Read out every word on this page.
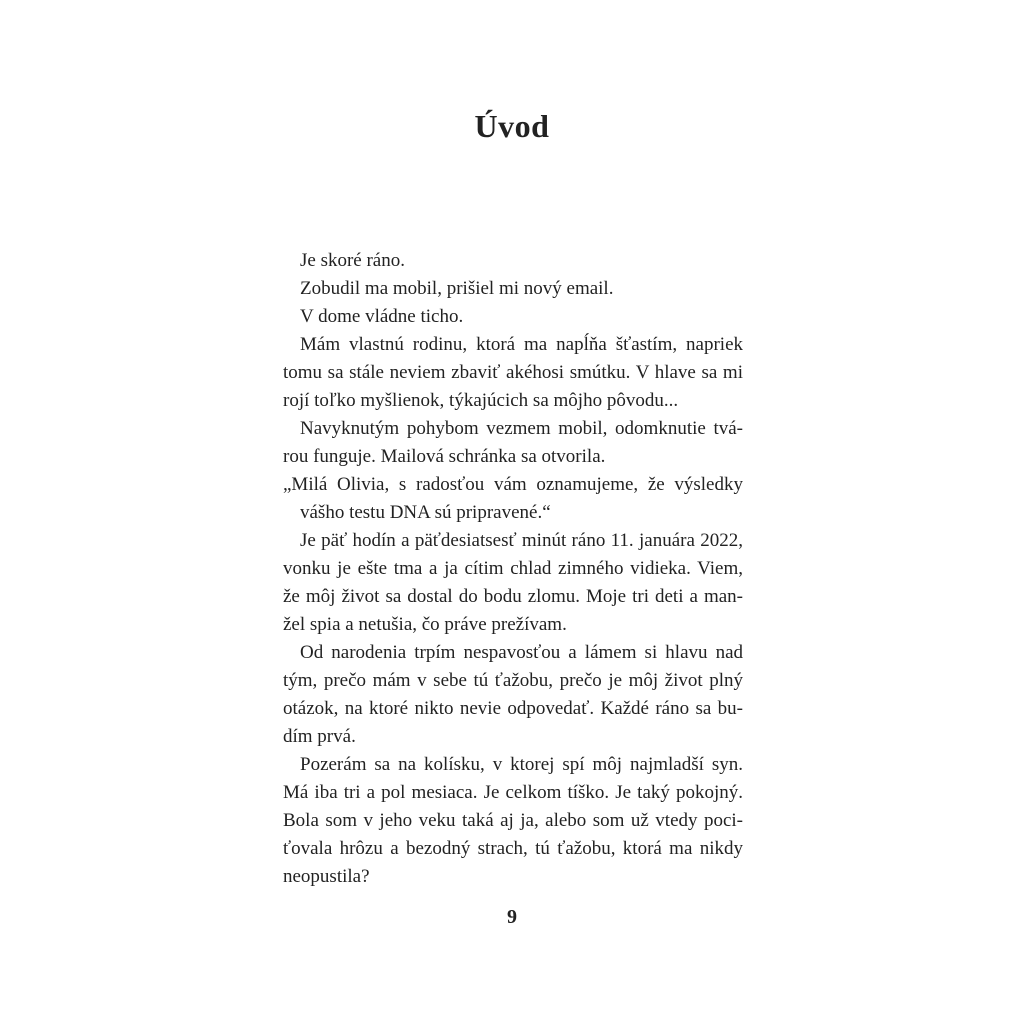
Úvod
Je skoré ráno.
Zobudil ma mobil, prišiel mi nový email.
V dome vládne ticho.
Mám vlastnú rodinu, ktorá ma napĺňa šťastím, napriek
tomu sa stále neviem zbaviť akéhosi smútku. V hlave sa mi
rojí toľko myšlienok, týkajúcich sa môjho pôvodu...
Navyknutým pohybom vezmem mobil, odomknutie tvá-
rou funguje. Mailová schránka sa otvorila.
„Milá Olivia, s radosťou vám oznamujeme, že výsledky
vášho testu DNA sú pripravené.“
Je päť hodín a päťdesiatsesť minút ráno 11. januára 2022,
vonku je ešte tma a ja cítim chlad zimného vidieka. Viem,
že môj život sa dostal do bodu zlomu. Moje tri deti a man-
žel spia a netušia, čo práve prežívam.
Od narodenia trpím nespavosťou a lámem si hlavu nad
tým, prečo mám v sebe tú ťažobu, prečo je môj život plný
otázok, na ktoré nikto nevie odpovedať. Každé ráno sa bu-
dím prvá.
Pozerám sa na kolísku, v ktorej spí môj najmladší syn.
Má iba tri a pol mesiaca. Je celkom tíško. Je taký pokojný.
Bola som v jeho veku taká aj ja, alebo som už vtedy poci-
ťovala hrôzu a bezodný strach, tú ťažobu, ktorá ma nikdy
neopustila?
9
